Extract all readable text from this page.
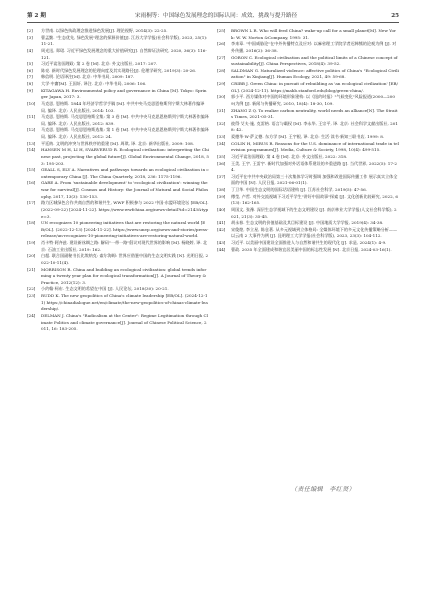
第 2 期	宋雨桐等：中国绿色发展理念的国际认同：成效、挑战与提升路径	25
[2] 方世南. 以绿色执政理念推进绿色发展[J]. 理论视野, 2014(3): 22-25.
[3] 曹孟勤. "生态优先, 绿色发展"理念的探源价值[J]. 江苏大学学报(社会科学版), 2023, 25(1): 11-21.
[4] 周光迅, 郑珺. 习近平绿色发展理念的重大价值研究[J]. 自然辩证法研究, 2020, 36(3): 116-121.
[5] 习近平谈治国理政: 第 2 卷 [M]. 北京: 外文出版社, 2017: 207.
[6] 陈亮. 新时代绿色发展理念的伦理向度及其实现路径[J]. 伦理学研究, 2019(3): 20-26.
[7] 韩信明. 论语译注[M]. 北京: 中华书局, 2009: 187.
[8] 大学·中庸[M]. 王国轩, 译注. 北京: 中华书局, 2006: 106.
[9] KITAGAWA H. Environmental policy and governance in China [M]. Tokyo: Springer Japan, 2017: 3.
[10] 马克思, 恩格斯. 1844 年经济学哲学手稿 [M]. 中共中央马克思恩格斯列宁斯大林著作编译局, 编译. 北京: 人民出版社, 2014: 103.
[11] 马克思, 恩格斯. 马克思恩格斯全集: 第 3 卷 [M]. 中共中央马克思恩格斯列宁斯大林著作编译局, 编译. 北京: 人民出版社, 2012: 839.
[12] 马克思, 恩格斯. 马克思恩格斯选集: 第 1 卷 [M]. 中共中央马克思恩格斯列宁斯大林著作编译局, 编译. 北京: 人民出版社, 2012: 24.
[13] 平廷纳. 文明的冲突与世界秩序的重建 [M]. 周琪, 译. 北京: 新华出版社, 2009: 108.
[14] HANSEN M H, LI H, SVARVERUD R. Ecological civilization: interpreting the Chinese past, projecting the global future[J]. Global Environmental Change, 2018, 53: 195-203.
[15] GEALL S, ELY A. Narratives and pathways towards an ecological civilization in contemporary China [J]. The China Quarterly, 2018, 236: 1175-1196.
[16] GARE A. From 'sustainable development' to 'ecological civilization': winning the war for survival[J]. Cosmos and History: the Journal of Natural and Social Philosophy, 2017, 13(3): 130-153.
[17] 路力区城绿色合作共商自然的和谐共生, WWF 积极参与 2022 中国-东盟环境论坛 [EB/OL]. (2022-09-22) [2024-11-22]. https://www.wwfchina.org/news-detail?id=2143&type=3.
[18] UN recognizes 10 pioneering initiatives that are restoring the natural world [EB/OL]. (2022-12-13) [2024-11-22]. https://www.unep.org/news-and-stories/press-release/un-recognizes-10-pioneering-initiatives-are-restoring-natural-world.
[19] 肖卡特·阿齐兹. 建设新丝绸之路: 解码"一带一路"倡议对现代世界的影响 [M]. 杨晓婷, 译. 北京: 石油工业出版社, 2019: 162.
[20] 白超. 联合国副秘书长比埃纳克: 索尔海姆: 世界应借鉴中国的生态文明实践 [N]. 光明日报, 2022-10-11(4).
[21] MORRISON R. China and building an ecological civilization: global trends informing a twenty year plan for ecological transformation[J]. A Journal of Theory & Practice, 2012(12): 3.
[22] 小约翰·柯布. 生态文明的希望在中国 [J]. 人民论坛, 2018(30): 20-21.
[23] RUDD K. The new geopolitics of China's climate leadership [EB/OL]. (2024-12-11) https://chinadialogue.net/en/climate/the-new-geopolitics-of-chinas-climate-leadership/.
[24] DELMAN J. China's "Radicalism at the Center": Regime Legitimation through Climate Politics and climate governance[J]. Journal of Chinese Political Science, 2011, 16: 183-205.
[25] BROWN L R. Who will feed China? wake-up call for a small planet[M]. New York: W. W. Norton &Company, 1995: 31.
[26] 李来章. "中国威胁论"在中外传播特点及应对: 以麻省理工学院学者迟韩熊的论观为例 [J]. 对外传播, 2016(2): 36-38.
[27] GORON C. Ecological civilisation and the political limits of a Chinese concept of sustainability[J]. China Perspectives, 2018(4): 39-52.
[28] SALDMAN G. Naturalized violence: affective politics of China's "Ecological Civilization" in Xinjiang[J]. Human Ecology, 2021, 49: 59-68.
[29] CRIBB J. Green China: in pursuit of rebuilding as 'an ecological civilization' [EB/OL]. (2024-12-11). https://mahb.stanford.edu/blog/green-china/.
[30] 郭小平. 西方媒体对中国的环境形象建构: 以《纽约时报》"气候变化"风险报道(2000—2009)为例 [J]. 新闻与传播研究, 2010, 18(4): 18-30, 109.
[31] ZHANG Z Q. To realize carbon neutrality, world needs an alliance[N]. The Straits Times, 2021-05-31.
[32] 彼得·艾夫·施, 克雷格. 语言与霸权 [M]. 李永华, 王宗平, 译. 北京: 社会科学文献出版社, 2018: 42.
[33] 爱德华·W·萨义德. 东方学 [M]. 王宇根, 译. 北京: 生活·读书·新知三联书店, 1999: 8.
[34] COLIN H, MIRUS R. Reasons for the U.S. dominance of international trade in television programmes[J]. Media, Culture & Society, 1998, 10(4): 499-515.
[35] 习近平谈治国理政: 第 4 卷 [M]. 北京: 外文出版社, 2022: 318.
[36] 王美, 王宇, 王雷宇. 新时代加强对外话语体系建设的多重进路 [J]. 当代世界, 2022(5): 17-24.
[37] 习近平在中共中央政治局第三十次集体学习时强调 加强和改进国际传播工作 展示真实立体全面的中国 [N]. 人民日报, 2021-06-01(1).
[38] 丁卫华. 中国生态文明的国际话语建构 [J]. 江苏社会科学, 2019(5): 47-56.
[39] 傅莹, 卢哲. 对外交流视域下习近平学生"讲好中国故事"探索 [J]. 文化创新比较研究, 2022, 6(13): 162-165.
[40] 周国文, 张豫. 深层生态学视域下的生态文明建设 [J]. 南京林业大学学报(人文社会科学版), 2021, 21(3): 35-45.
[41] 胡永春. 生态文明的价值基础及其目标建设 [J]. 中国地质大学学报, 2019(4): 34-38.
[42] 宋俊煌, 李立星, 陈仓著. 从多元视域到立体格局: 全媒体环境下的多元文化传播策略分析——以云南 2 大事件为例 [J]. 昆明理工大学学报(社会科学版), 2023, 23(3): 104-112.
[43] 习近平. 以美丽中国建设全面推进人与自然和谐共生的现代化 [J]. 求是, 2024(1): 4-9.
[44] 曹政. 2035 年全面建成和谐宜居美丽中国的标志性发展 [N]. 北京日报, 2024-03-16(1).
（责任编辑　李红贤）
